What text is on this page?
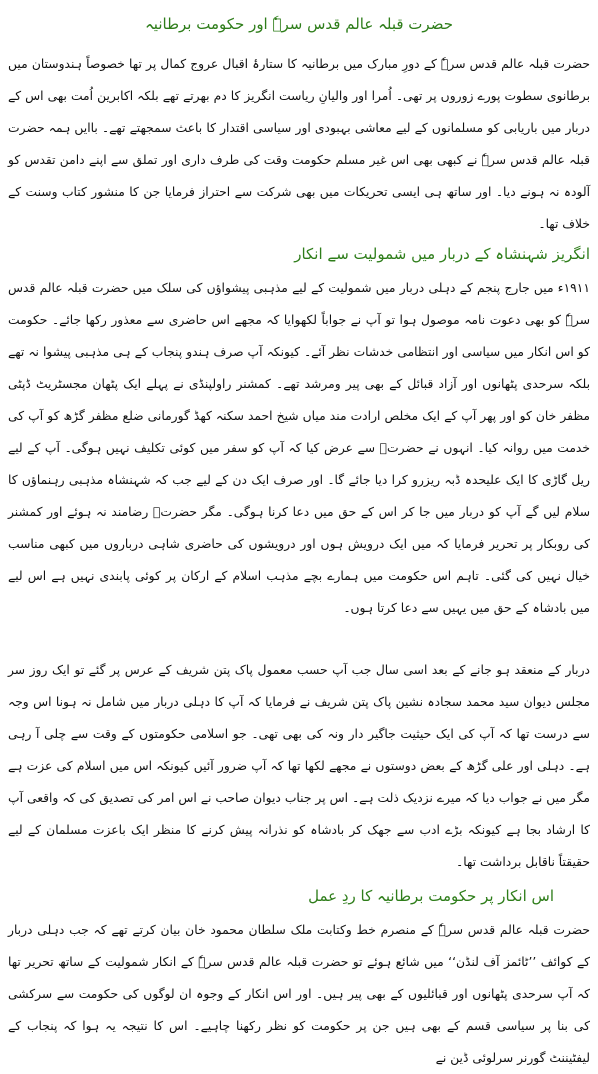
حضرت قبلہ عالم قدس سرہٗ اور حکومت برطانیہ

حضرت قبلہ عالم قدس سرہٗ کے دورِ مبارک میں برطانیہ کا ستارۂ اقبال عروج کمال پر تھا خصوصاً ہندوستان میں برطانوی سطوت پورے زوروں پر تھی۔ اُمرا اور والیانِ ریاست انگریز کا دم بھرتے تھے بلکہ اکابرین اُمت بھی اس کے دربار میں باریابی کو مسلمانوں کے لیے معاشی بہبودی اور سیاسی اقتدار کا باعث سمجھتے تھے۔ باایں ہمہ حضرت قبلہ عالم قدس سرہٗ نے کبھی بھی اس غیر مسلم حکومت وقت کی طرف داری اور تملق سے اپنے دامن تقدس کو آلودہ نہ ہونے دیا۔ اور ساتھ ہی ایسی تحریکات میں بھی شرکت سے احتراز فرمایا جن کا منشور کتاب وسنت کے خلاف تھا۔

انگریز شہنشاہ کے دربار میں شمولیت سے انکار

۱۹۱۱ء میں جارج پنجم کے دہلی دربار میں شمولیت کے لیے مذہبی پیشواؤں کی سلک میں حضرت قبلہ عالم قدس سرہٗ کو بھی دعوت نامہ موصول ہوا تو آپ نے جواباً لکھوایا کہ مجھے اس حاضری سے معذور رکھا جائے۔ حکومت کو اس انکار میں سیاسی اور انتظامی خدشات نظر آئے۔ کیونکہ آپ صرف ہندو پنجاب کے ہی مذہبی پیشوا نہ تھے بلکہ سرحدی پٹھانوں اور آزاد قبائل کے بھی پیر ومرشد تھے۔ کمشنر راولپنڈی نے پہلے ایک پٹھان مجسٹریٹ ڈپٹی مظفر خان کو اور پھر آپ کے ایک مخلص ارادت مند میاں شیخ احمد سکنہ کھڈ گورمانی ضلع مظفر گڑھ کو آپ کی خدمت میں روانہ کیا۔ انہوں نے حضرتؒ سے عرض کیا کہ آپ کو سفر میں کوئی تکلیف نہیں ہوگی۔ آپ کے لیے ریل گاڑی کا ایک علیحدہ ڈبہ ریزرو کرا دیا جائے گا۔ اور صرف ایک دن کے لیے جب کہ شہنشاہ مذہبی رہنماؤں کا سلام لیں گے آپ کو دربار میں جا کر اس کے حق میں دعا کرنا ہوگی۔ مگر حضرتؒ رضامند نہ ہوئے اور کمشنر کی روبکار پر تحریر فرمایا کہ میں ایک درویش ہوں اور درویشوں کی حاضری شاہی درباروں میں کبھی مناسب خیال نہیں کی گئی۔ تاہم اس حکومت میں ہمارے بچے مذہب اسلام کے ارکان پر کوئی پابندی نہیں ہے اس لیے میں بادشاہ کے حق میں یہیں سے دعا کرتا ہوں۔

دربار کے منعقد ہو جانے کے بعد اسی سال جب آپ حسب معمول پاک پتن شریف کے عرس پر گئے تو ایک روز سر مجلس دیوان سید محمد سجادہ نشین پاک پتن شریف نے فرمایا کہ آپ کا دہلی دربار میں شامل نہ ہونا اس وجہ سے درست تھا کہ آپ کی ایک حیثیت جاگیر دار ونہ کی بھی تھی۔ جو اسلامی حکومتوں کے وقت سے چلی آ رہی ہے۔ دہلی اور علی گڑھ کے بعض دوستوں نے مجھے لکھا تھا کہ آپ ضرور آئیں کیونکہ اس میں اسلام کی عزت ہے مگر میں نے جواب دیا کہ میرے نزدیک ذلت ہے۔ اس پر جناب دیوان صاحب نے اس امر کی تصدیق کی کہ واقعی آپ کا ارشاد بجا ہے کیونکہ بڑے ادب سے جھک کر بادشاہ کو نذرانہ پیش کرنے کا منظر ایک باعزت مسلمان کے لیے حقیقتاً ناقابل برداشت تھا۔

اس انکار پر حکومت برطانیہ کا ردِ عمل

حضرت قبلہ عالم قدس سرہٗ کے منصرم خط وکتابت ملک سلطان محمود خان بیان کرتے تھے کہ جب دہلی دربار کے کوائف ’’ٹائمز آف لنڈن‘‘ میں شائع ہوئے تو حضرت قبلہ عالم قدس سرہٗ کے انکار شمولیت کے ساتھ تحریر تھا کہ آپ سرحدی پٹھانوں اور قبائلیوں کے بھی پیر ہیں۔ اور اس انکار کے وجوہ ان لوگوں کی حکومت سے سرکشی کی بنا پر سیاسی قسم کے بھی ہیں جن پر حکومت کو نظر رکھنا چاہیے۔ اس کا نتیجہ یہ ہوا کہ پنجاب کے لیفٹیننٹ گورنر سرلوئی ڈین نے
